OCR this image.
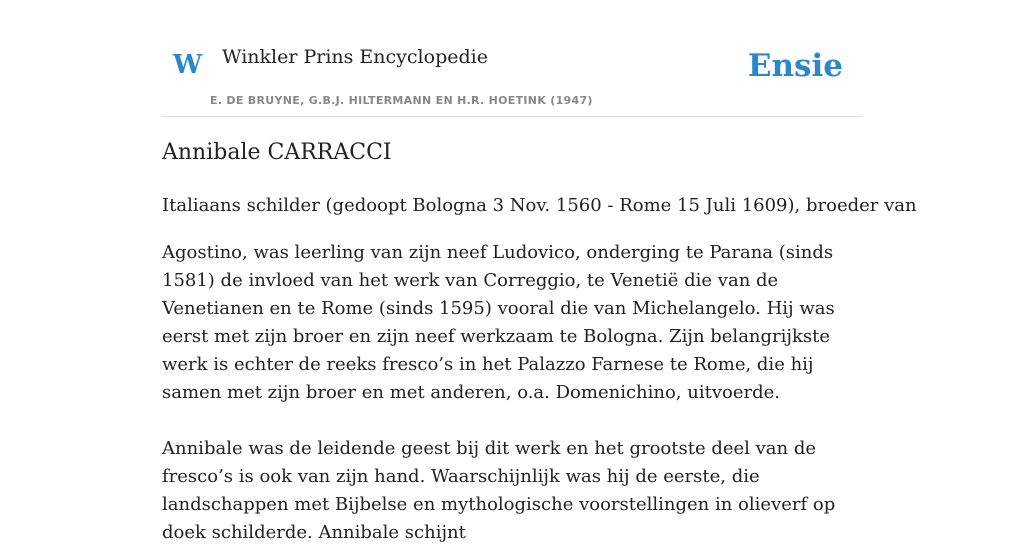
W Winkler Prins Encyclopedie
E. DE BRUYNE, G.B.J. HILTERMANN EN H.R. HOETINK (1947)
Ensie
Annibale CARRACCI

Italiaans schilder (gedoopt Bologna 3 Nov. 1560 - Rome 15 Juli 1609), broeder van

Agostino, was leerling van zijn neef Ludovico, onderging te Parana (sinds 1581) de invloed van het werk van Correggio, te Venetië die van de Venetianen en te Rome (sinds 1595) vooral die van Michelangelo. Hij was eerst met zijn broer en zijn neef werkzaam te Bologna. Zijn belangrijkste werk is echter de reeks fresco’s in het Palazzo Farnese te Rome, die hij samen met zijn broer en met anderen, o.a. Domenichino, uitvoerde.

Annibale was de leidende geest bij dit werk en het grootste deel van de fresco’s is ook van zijn hand. Waarschijnlijk was hij de eerste, die landschappen met Bijbelse en mythologische voorstellingen in olieverf op doek schilderde. Annibale schijnt
